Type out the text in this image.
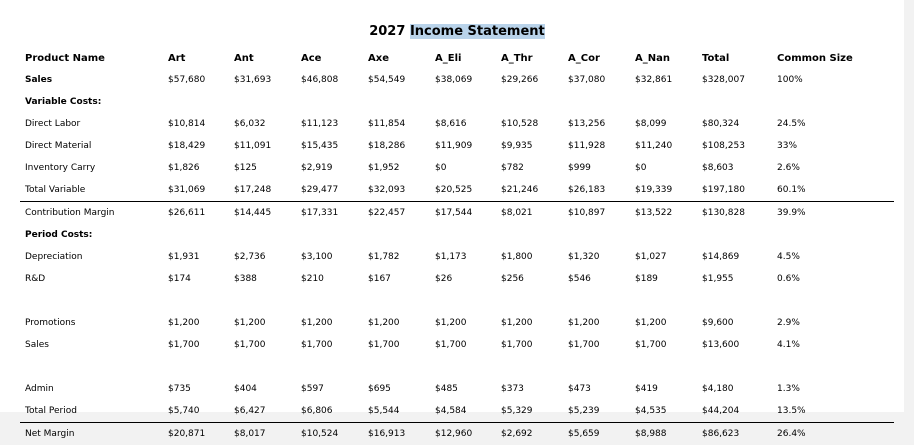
2027 Income Statement
Product Name	Art	Ant	Ace	Axe	A_Eli	A_Thr	A_Cor	A_Nan	Total	Common Size
Sales	$57,680	$31,693	$46,808	$54,549	$38,069	$29,266	$37,080	$32,861	$328,007	100%
Variable Costs:										
Direct Labor	$10,814	$6,032	$11,123	$11,854	$8,616	$10,528	$13,256	$8,099	$80,324	24.5%
Direct Material	$18,429	$11,091	$15,435	$18,286	$11,909	$9,935	$11,928	$11,240	$108,253	33%
Inventory Carry	$1,826	$125	$2,919	$1,952	$0	$782	$999	$0	$8,603	2.6%
Total Variable	$31,069	$17,248	$29,477	$32,093	$20,525	$21,246	$26,183	$19,339	$197,180	60.1%
Contribution Margin	$26,611	$14,445	$17,331	$22,457	$17,544	$8,021	$10,897	$13,522	$130,828	39.9%
Period Costs:										
Depreciation	$1,931	$2,736	$3,100	$1,782	$1,173	$1,800	$1,320	$1,027	$14,869	4.5%
R&D	$174	$388	$210	$167	$26	$256	$546	$189	$1,955	0.6%

Promotions	$1,200	$1,200	$1,200	$1,200	$1,200	$1,200	$1,200	$1,200	$9,600	2.9%
Sales	$1,700	$1,700	$1,700	$1,700	$1,700	$1,700	$1,700	$1,700	$13,600	4.1%

Admin	$735	$404	$597	$695	$485	$373	$473	$419	$4,180	1.3%
Total Period	$5,740	$6,427	$6,806	$5,544	$4,584	$5,329	$5,239	$4,535	$44,204	13.5%
Net Margin	$20,871	$8,017	$10,524	$16,913	$12,960	$2,692	$5,659	$8,988	$86,623	26.4%
